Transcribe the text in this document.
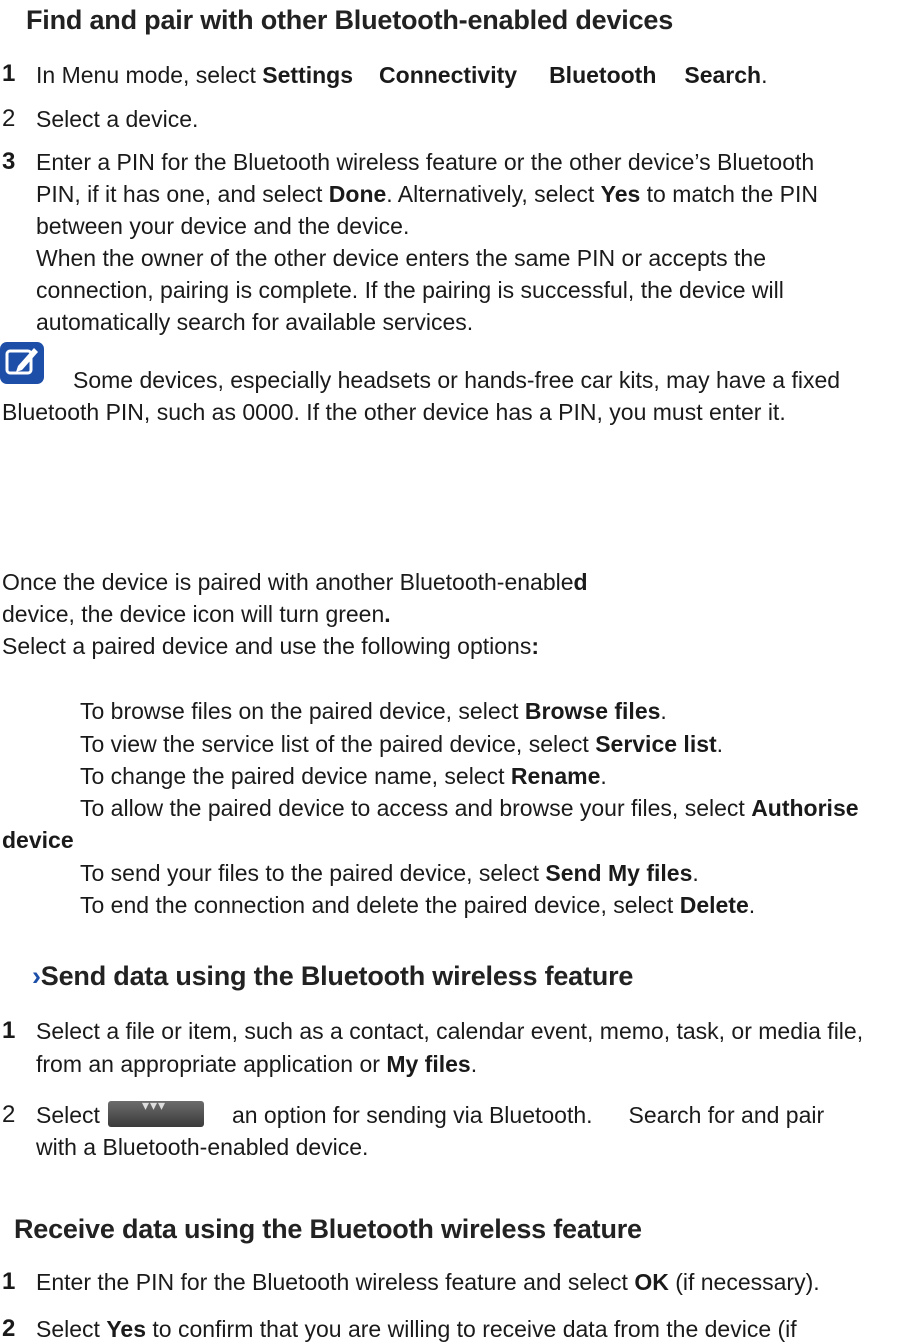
Find and pair with other Bluetooth-enabled devices
1 In Menu mode, select Settings Connectivity Bluetooth Search.
2 Select a device.
3 Enter a PIN for the Bluetooth wireless feature or the other device’s Bluetooth
PIN, if it has one, and select Done. Alternatively, select Yes to match the PIN
between your device and the device.
When the owner of the other device enters the same PIN or accepts the
connection, pairing is complete. If the pairing is successful, the device will
automatically search for available services.
Some devices, especially headsets or hands-free car kits, may have a fixed
Bluetooth PIN, such as 0000. If the other device has a PIN, you must enter it.
Once the device is paired with another Bluetooth-enabled
device, the device icon will turn green.
Select a paired device and use the following options:
To browse files on the paired device, select Browse files.
To view the service list of the paired device, select Service list.
To change the paired device name, select Rename.
To allow the paired device to access and browse your files, select Authorise
device
To send your files to the paired device, select Send My files.
To end the connection and delete the paired device, select Delete.
›Send data using the Bluetooth wireless feature
1 Select a file or item, such as a contact, calendar event, memo, task, or media file,
from an appropriate application or My files.
2 Select	▾▾▾	an option for sending via Bluetooth. Search for and pair
with a Bluetooth-enabled device.
Receive data using the Bluetooth wireless feature
1 Enter the PIN for the Bluetooth wireless feature and select OK (if necessary).
2 Select Yes to confirm that you are willing to receive data from the device (if
